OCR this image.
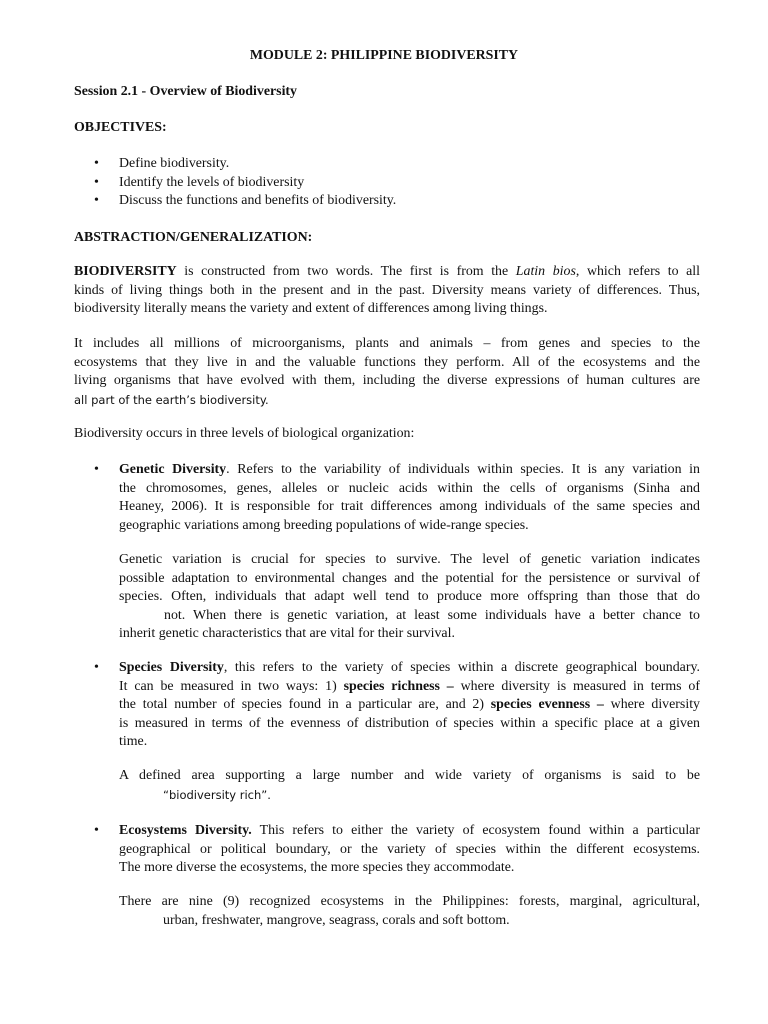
MODULE 2: PHILIPPINE BIODIVERSITY
Session 2.1 - Overview of Biodiversity
OBJECTIVES:
• Define biodiversity.
• Identify the levels of biodiversity
• Discuss the functions and benefits of biodiversity.
ABSTRACTION/GENERALIZATION:
BIODIVERSITY is constructed from two words. The first is from the Latin bios, which refers to all
kinds of living things both in the present and in the past. Diversity means variety of differences. Thus,
biodiversity literally means the variety and extent of differences among living things.
It includes all millions of microorganisms, plants and animals – from genes and species to the
ecosystems that they live in and the valuable functions they perform. All of the ecosystems and the
living organisms that have evolved with them, including the diverse expressions of human cultures are
all part of the earth’s biodiversity.
Biodiversity occurs in three levels of biological organization:
• Genetic Diversity. Refers to the variability of individuals within species. It is any variation in
the chromosomes, genes, alleles or nucleic acids within the cells of organisms (Sinha and
Heaney, 2006). It is responsible for trait differences among individuals of the same species and
geographic variations among breeding populations of wide-range species.
Genetic variation is crucial for species to survive. The level of genetic variation indicates
possible adaptation to environmental changes and the potential for the persistence or survival of
species. Often, individuals that adapt well tend to produce more offspring than those that do
not. When there is genetic variation, at least some individuals have a better chance to
inherit genetic characteristics that are vital for their survival.
• Species Diversity, this refers to the variety of species within a discrete geographical boundary.
It can be measured in two ways: 1) species richness – where diversity is measured in terms of
the total number of species found in a particular are, and 2) species evenness – where diversity
is measured in terms of the evenness of distribution of species within a specific place at a given
time.
A defined area supporting a large number and wide variety of organisms is said to be
“biodiversity rich”.
• Ecosystems Diversity. This refers to either the variety of ecosystem found within a particular
geographical or political boundary, or the variety of species within the different ecosystems.
The more diverse the ecosystems, the more species they accommodate.
There are nine (9) recognized ecosystems in the Philippines: forests, marginal, agricultural,
urban, freshwater, mangrove, seagrass, corals and soft bottom.
